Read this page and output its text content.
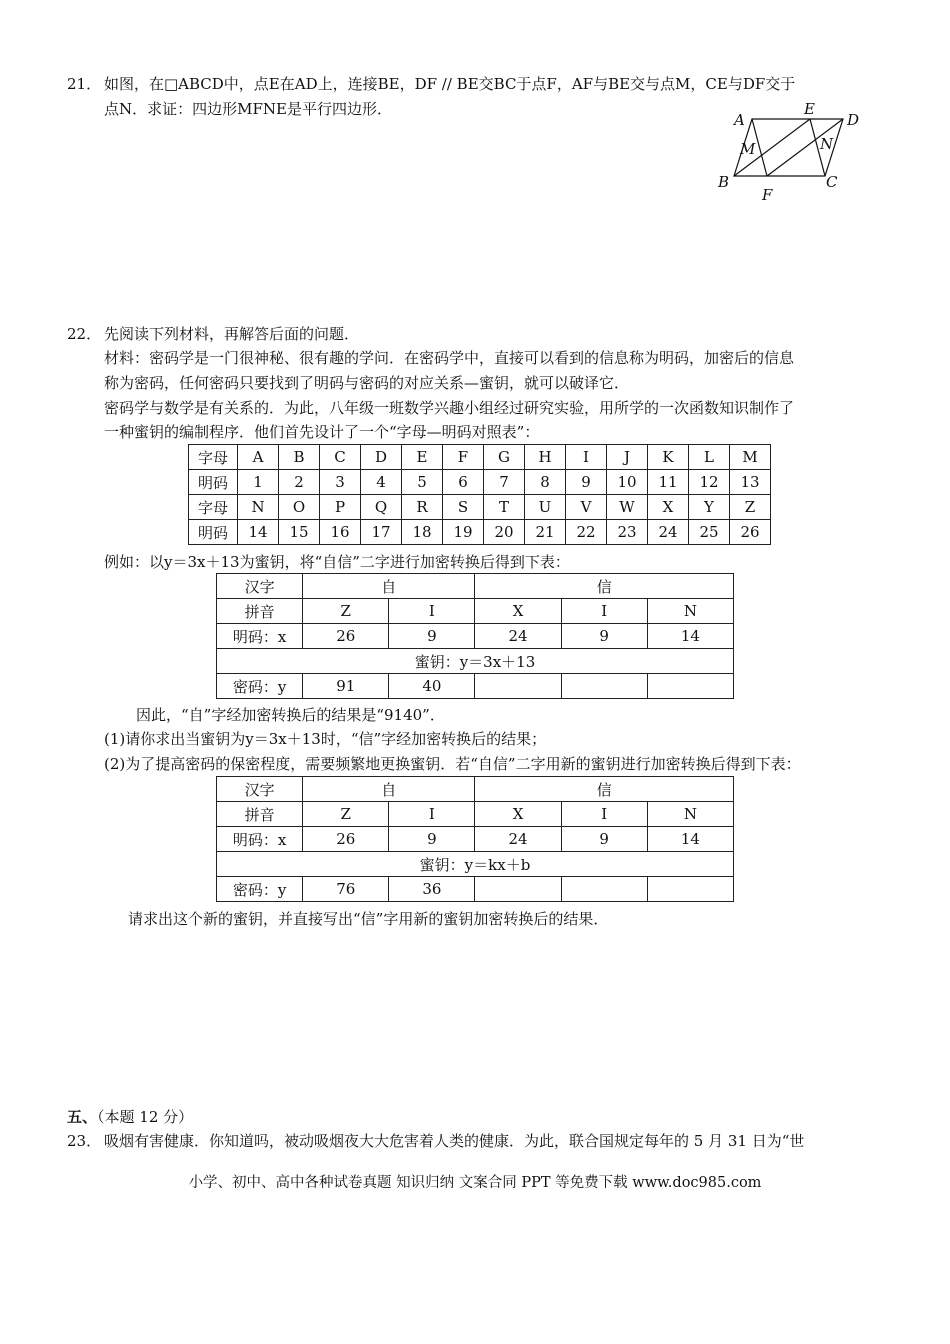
21． 如图，在□ABCD中，点E在AD上，连接BE，DF // BE交BC于点F，AF与BE交与点M，CE与DF交于
点N．求证：四边形MFNE是平行四边形．
A
E
D
M	N
B
F
C
22． 先阅读下列材料，再解答后面的问题．
材料：密码学是一门很神秘、很有趣的学问．在密码学中，直接可以看到的信息称为明码，加密后的信息
称为密码，任何密码只要找到了明码与密码的对应关系—蜜钥，就可以破译它．
密码学与数学是有关系的．为此，八年级一班数学兴趣小组经过研究实验，用所学的一次函数知识制作了
一种蜜钥的编制程序．他们首先设计了一个“字母—明码对照表”：
字母	A	B	C	D	E	F	G	H	I	J	K	L	M
明码	1	2	3	4	5	6	7	8	9	10	11	12	13
字母	N	O	P	Q	R	S	T	U	V	W	X	Y	Z
明码	14	15	16	17	18	19	20	21	22	23	24	25	26
例如：以y＝3x＋13为蜜钥，将“自信”二字进行加密转换后得到下表：
汉字	自		信		
拼音	Z	I	X	I	N
明码：x	26	9	24	9	14
蜜钥：y＝3x＋13					
密码：y	91	40			
因此，“自”字经加密转换后的结果是“9140”．
(1)请你求出当蜜钥为y＝3x＋13时，“信”字经加密转换后的结果；
(2)为了提高密码的保密程度，需要频繁地更换蜜钥．若“自信”二字用新的蜜钥进行加密转换后得到下表：
汉字	自		信		
拼音	Z	I	X	I	N
明码：x	26	9	24	9	14
蜜钥：y＝kx＋b					
密码：y	76	36			
请求出这个新的蜜钥，并直接写出“信”字用新的蜜钥加密转换后的结果．
五、（本题 12 分）
23． 吸烟有害健康．你知道吗，被动吸烟夜大大危害着人类的健康．为此，联合国规定每年的 5 月 31 日为“世
小学、初中、高中各种试卷真题 知识归纳 文案合同 PPT 等免费下载 www.doc985.com
